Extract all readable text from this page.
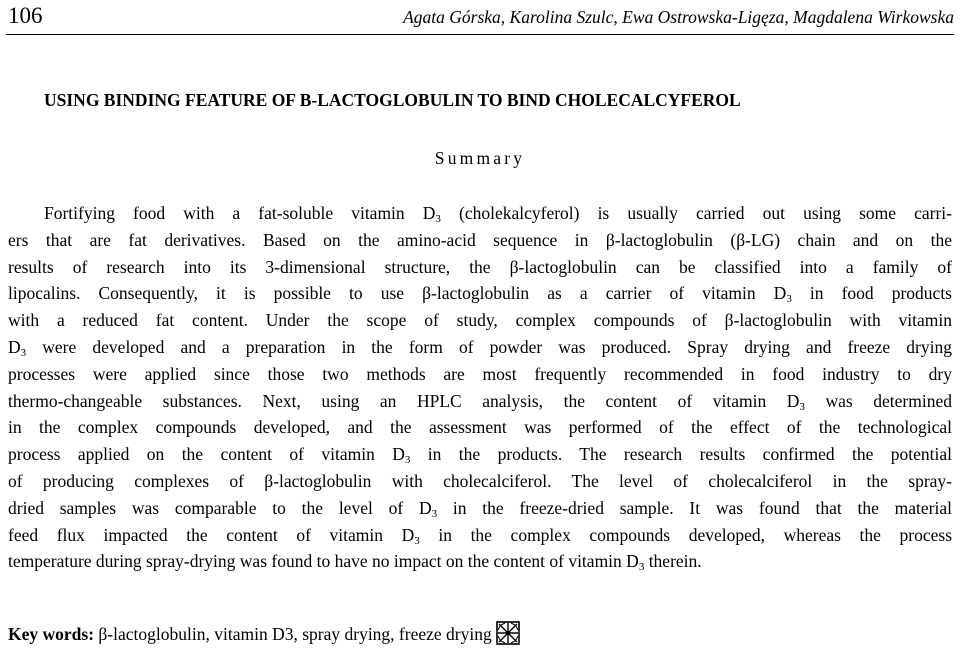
106	Agata Górska, Karolina Szulc, Ewa Ostrowska-Ligęza, Magdalena Wirkowska
USING BINDING FEATURE OF Β-LACTOGLOBULIN TO BIND CHOLECALCYFEROL
Summary
Fortifying food with a fat-soluble vitamin $D_3$ (cholekalcyferol) is usually carried out using some carri-
ers that are fat derivatives. Based on the amino-acid sequence in β-lactoglobulin (β-LG) chain and on the
results of research into its 3-dimensional structure, the β-lactoglobulin can be classified into a family of
lipocalins. Consequently, it is possible to use β-lactoglobulin as a carrier of vitamin $D_3$ in food products
with a reduced fat content. Under the scope of study, complex compounds of β-lactoglobulin with vitamin
$D_3$ were developed and a preparation in the form of powder was produced. Spray drying and freeze drying
processes were applied since those two methods are most frequently recommended in food industry to dry
thermo-changeable substances. Next, using an HPLC analysis, the content of vitamin $D_3$ was determined
in the complex compounds developed, and the assessment was performed of the effect of the technological
process applied on the content of vitamin $D_3$ in the products. The research results confirmed the potential
of producing complexes of β-lactoglobulin with cholecalciferol. The level of cholecalciferol in the spray-
dried samples was comparable to the level of $D_3$ in the freeze-dried sample. It was found that the material
feed flux impacted the content of vitamin $D_3$ in the complex compounds developed, whereas the process
temperature during spray-drying was found to have no impact on the content of vitamin $D_3$ therein.
Key words: β-lactoglobulin, vitamin D3, spray drying, freeze drying
